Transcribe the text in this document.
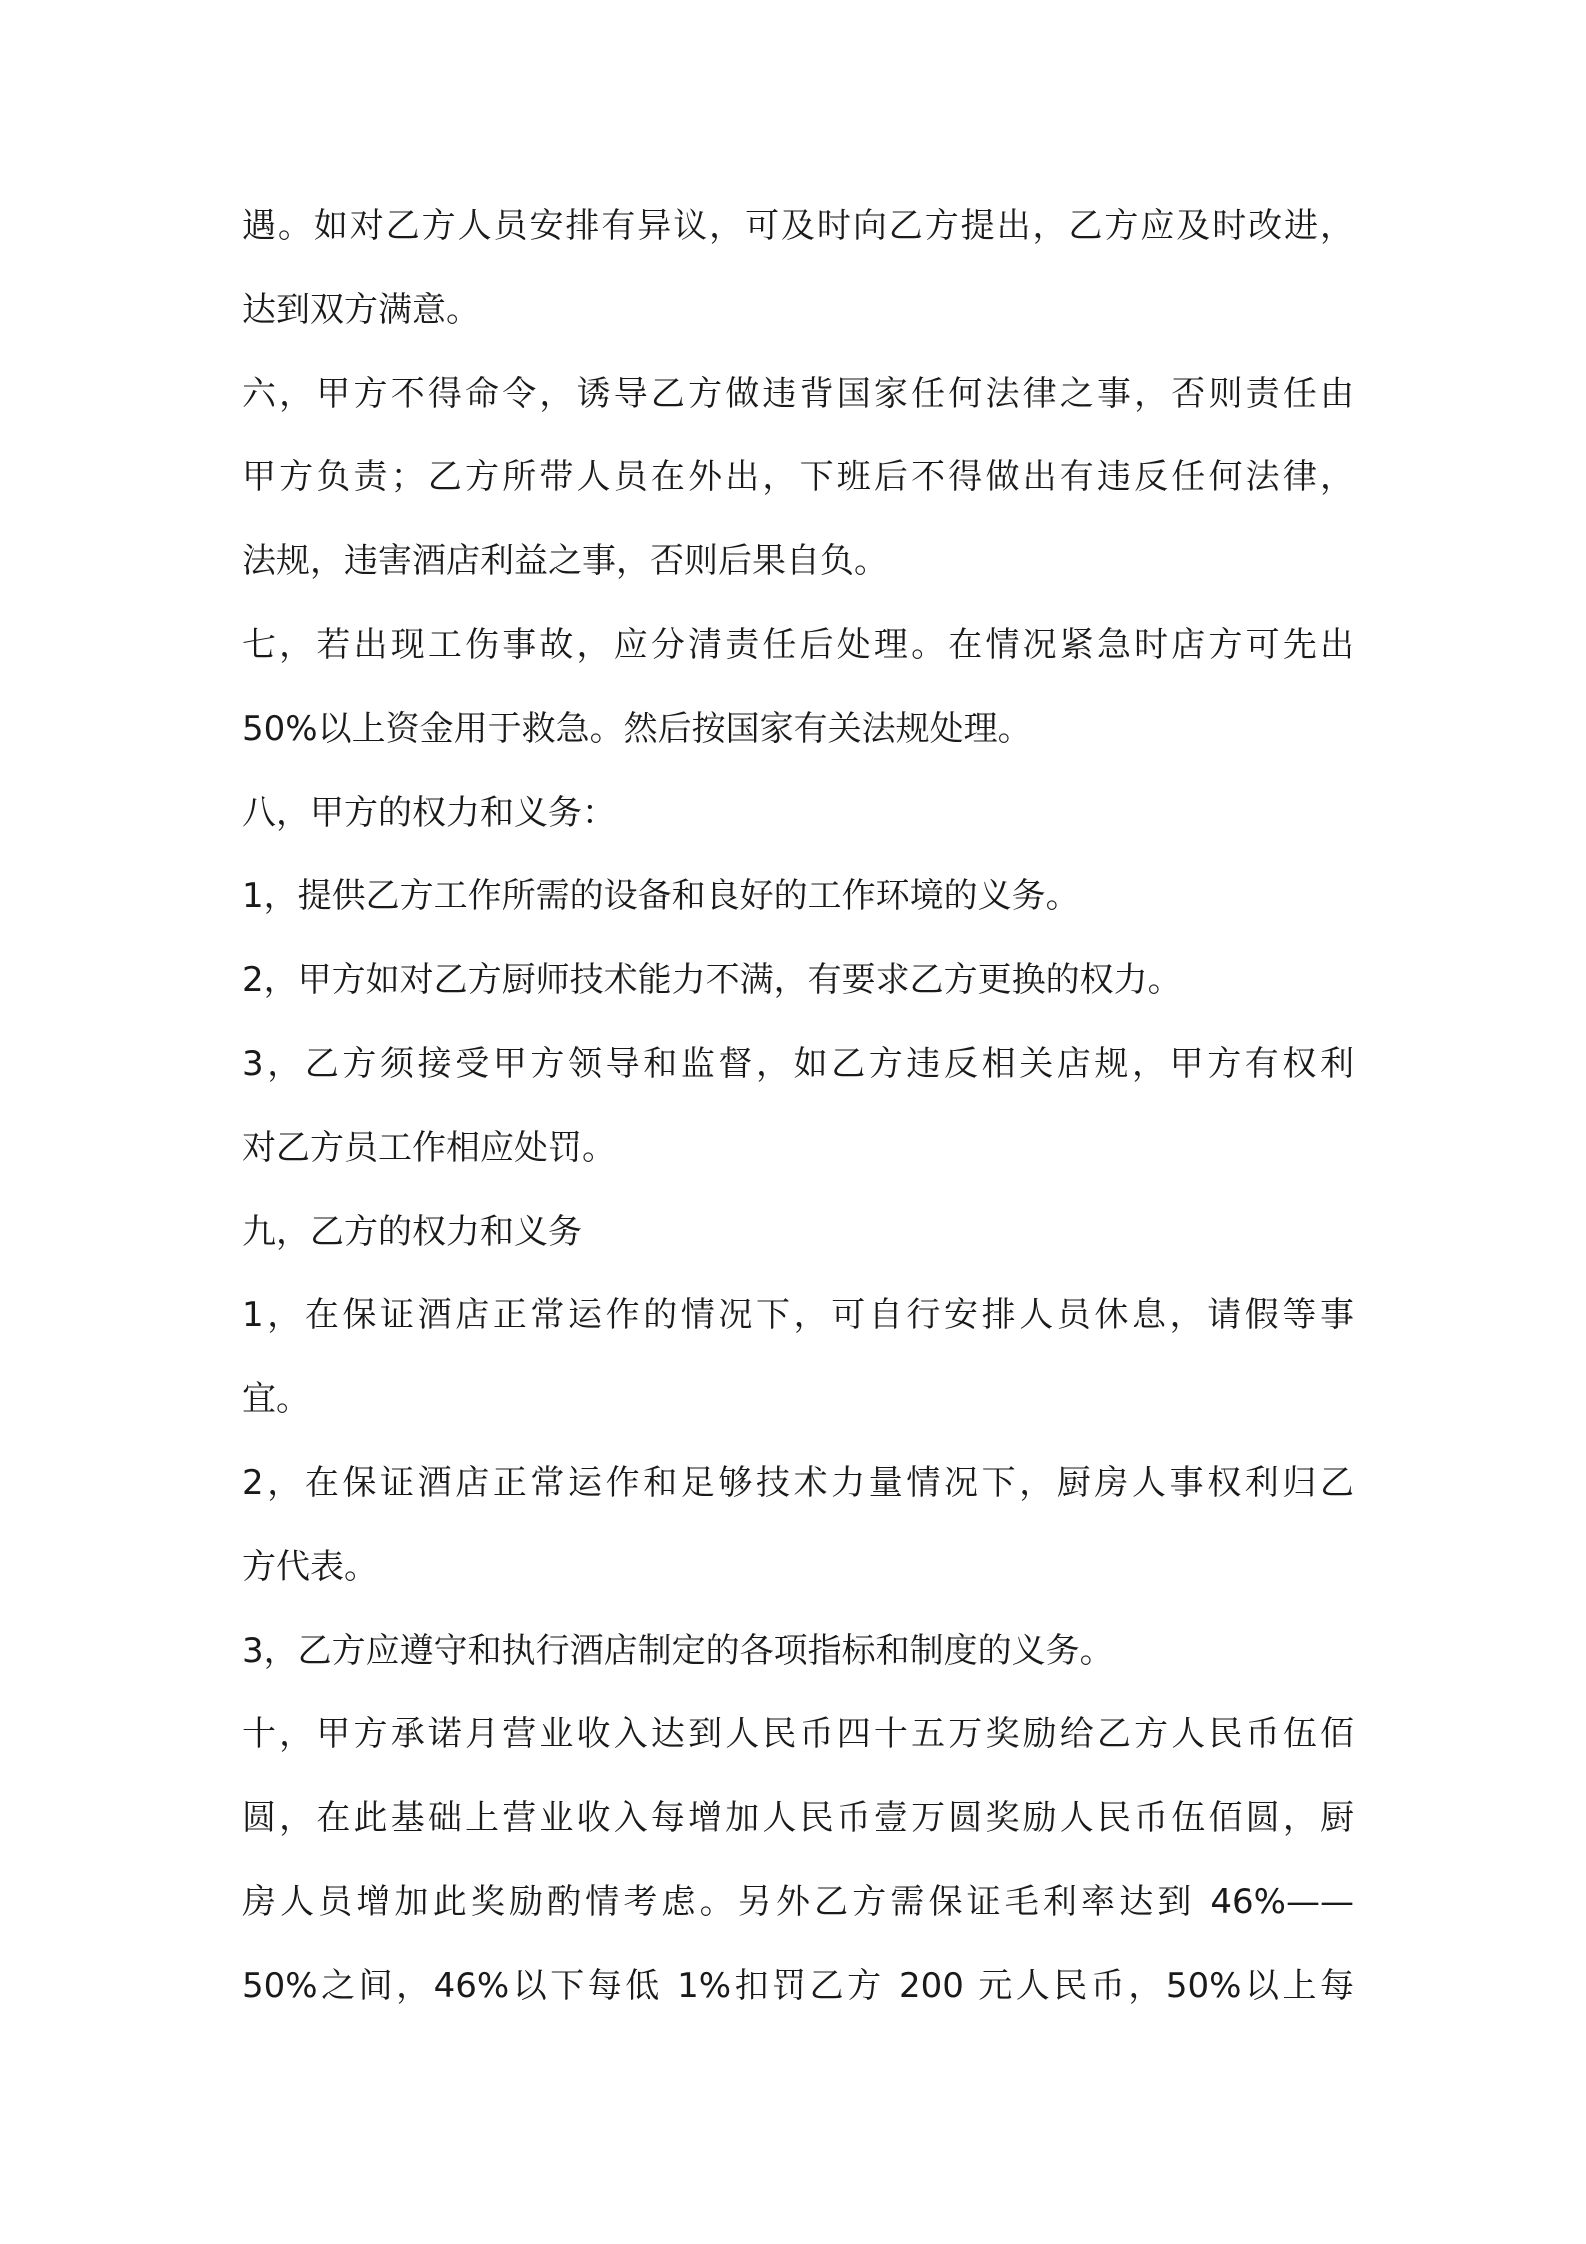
遇。如对乙方人员安排有异议，可及时向乙方提出，乙方应及时改进，
达到双方满意。
六，甲方不得命令，诱导乙方做违背国家任何法律之事，否则责任由
甲方负责；乙方所带人员在外出，下班后不得做出有违反任何法律，
法规，违害酒店利益之事，否则后果自负。
七，若出现工伤事故，应分清责任后处理。在情况紧急时店方可先出
50%以上资金用于救急。然后按国家有关法规处理。
八，甲方的权力和义务：
1，提供乙方工作所需的设备和良好的工作环境的义务。
2，甲方如对乙方厨师技术能力不满，有要求乙方更换的权力。
3，乙方须接受甲方领导和监督，如乙方违反相关店规，甲方有权利
对乙方员工作相应处罚。
九，乙方的权力和义务
1，在保证酒店正常运作的情况下，可自行安排人员休息，请假等事
宜。
2，在保证酒店正常运作和足够技术力量情况下，厨房人事权利归乙
方代表。
3，乙方应遵守和执行酒店制定的各项指标和制度的义务。
十，甲方承诺月营业收入达到人民币四十五万奖励给乙方人民币伍佰
圆，在此基础上营业收入每增加人民币壹万圆奖励人民币伍佰圆，厨
房人员增加此奖励酌情考虑。另外乙方需保证毛利率达到 46%——
50%之间，46%以下每低 1%扣罚乙方 200 元人民币，50%以上每
